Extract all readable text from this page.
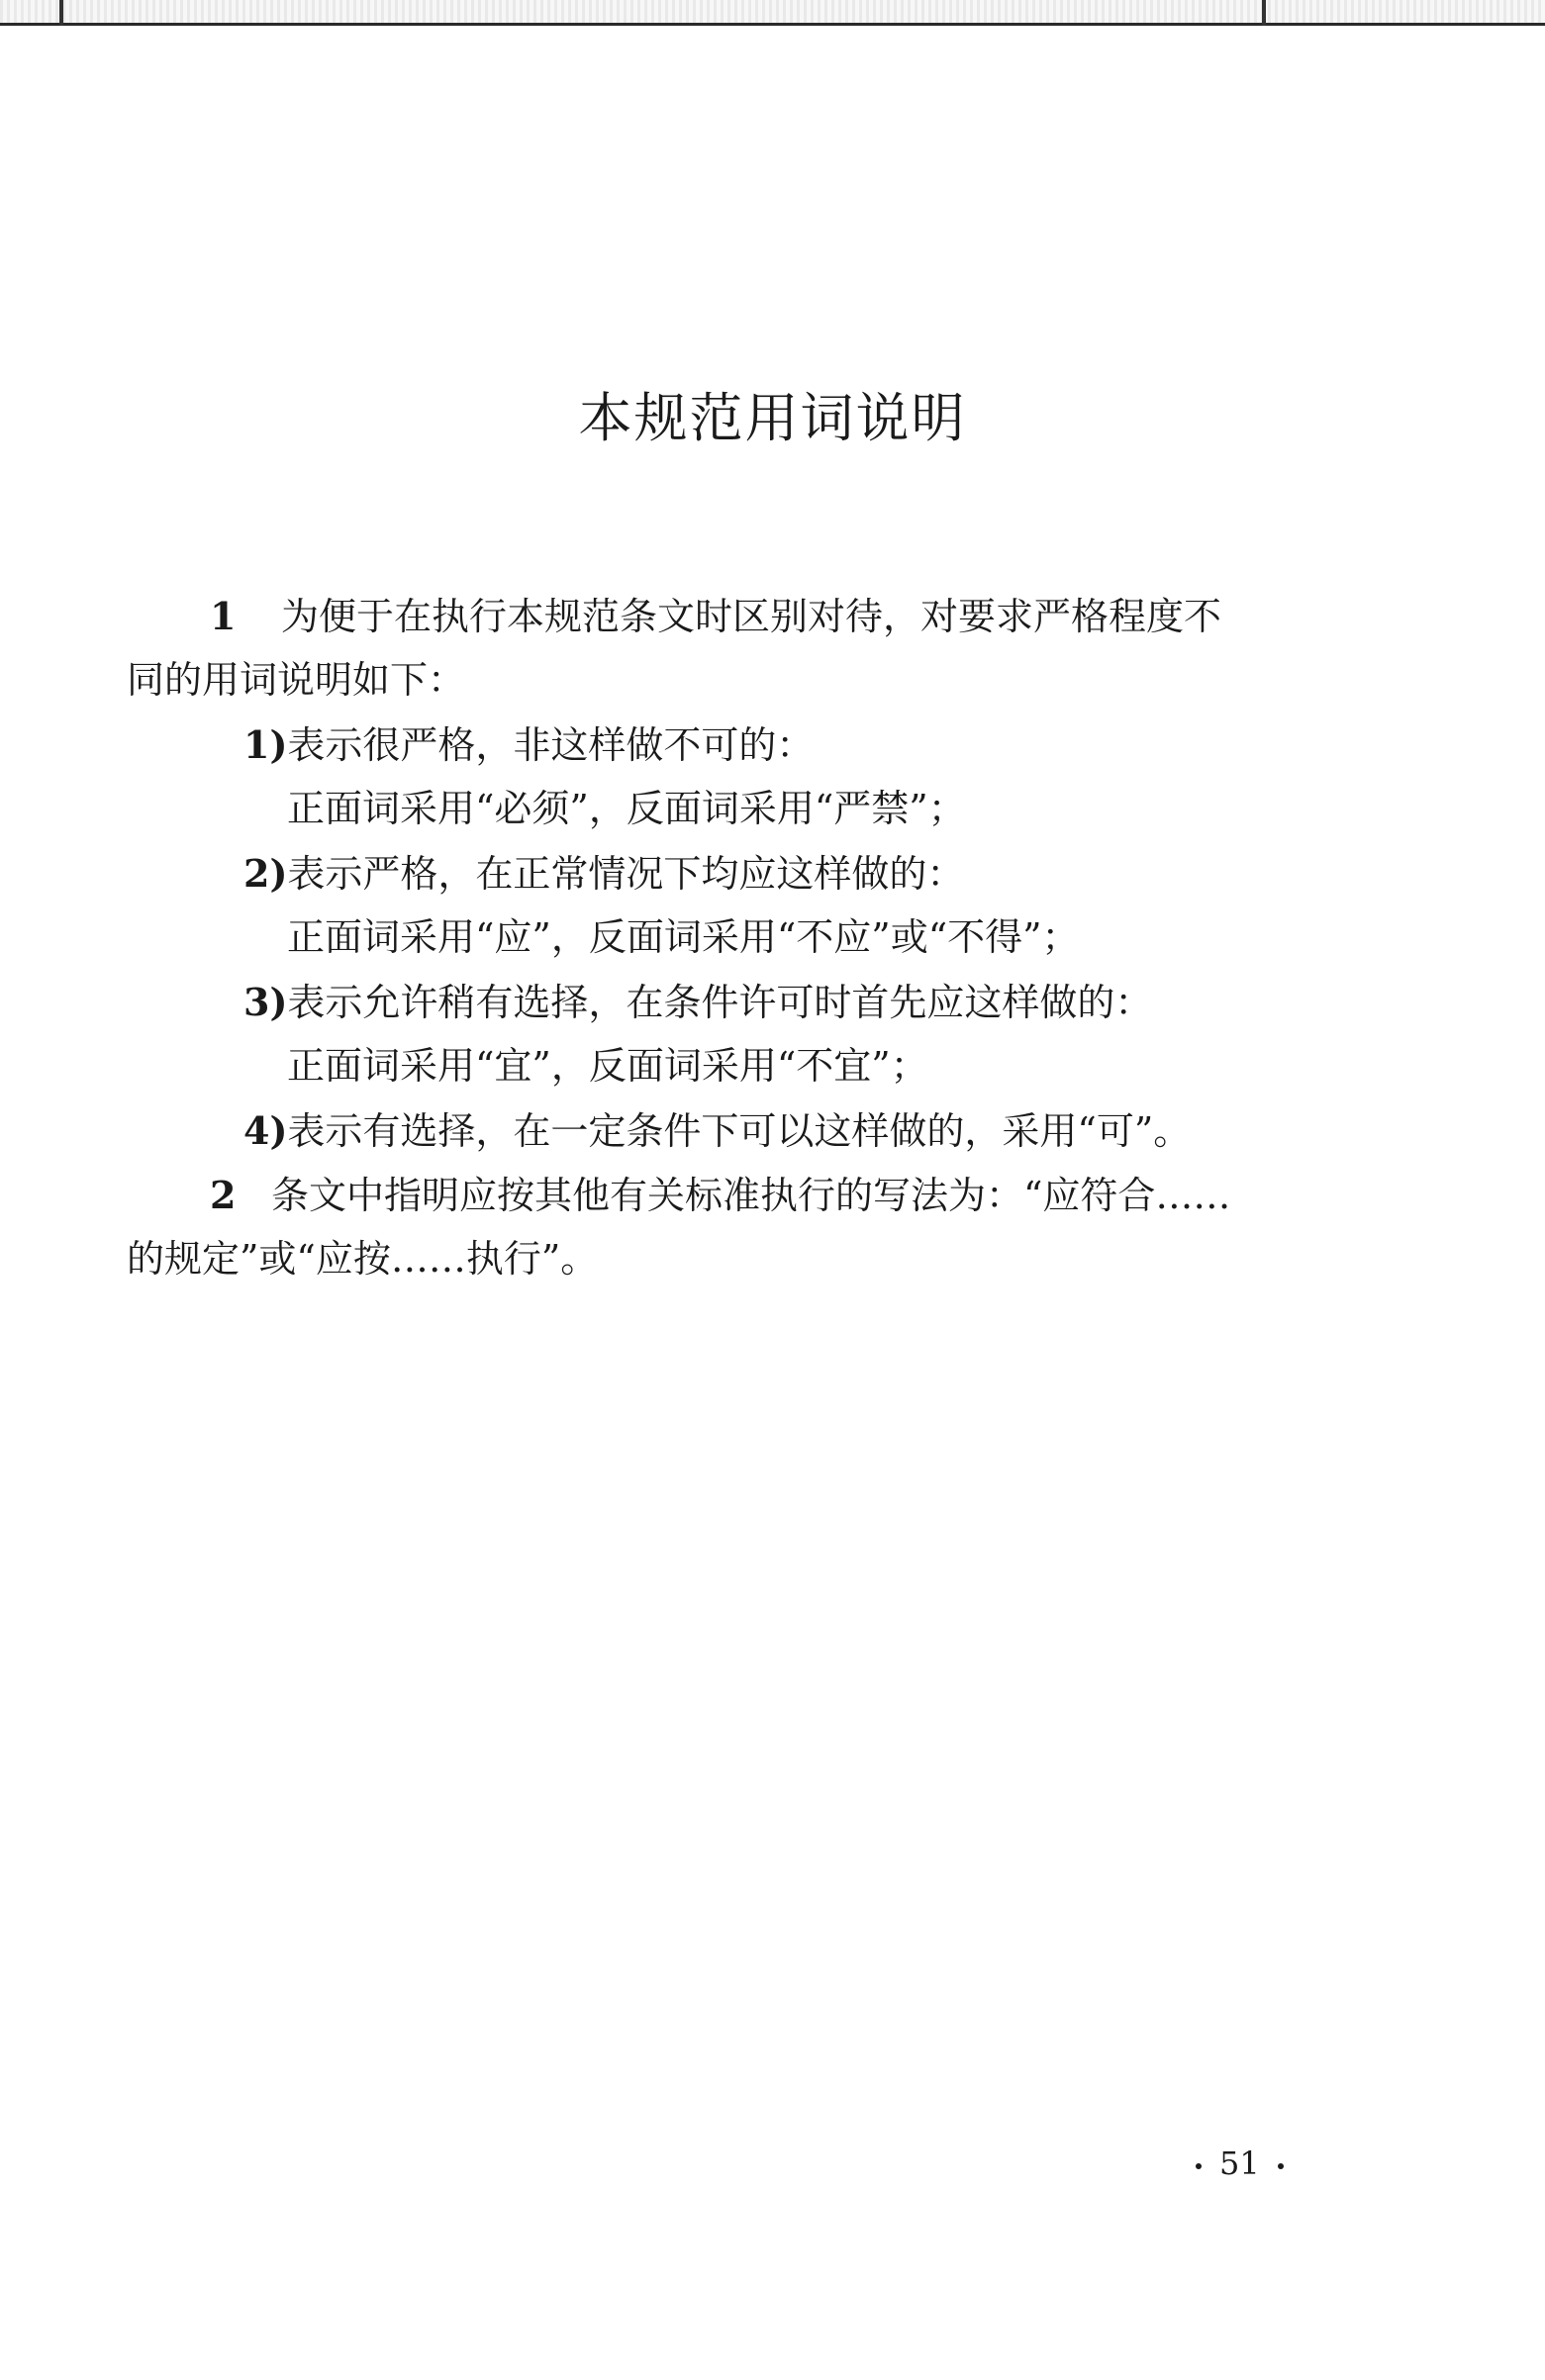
本规范用词说明
1 为便于在执行本规范条文时区别对待，对要求严格程度不
同的用词说明如下：
1)表示很严格，非这样做不可的：
正面词采用“必须”，反面词采用“严禁”；
2)表示严格，在正常情况下均应这样做的：
正面词采用“应”，反面词采用“不应”或“不得”；
3)表示允许稍有选择，在条件许可时首先应这样做的：
正面词采用“宜”，反面词采用“不宜”；
4)表示有选择，在一定条件下可以这样做的，采用“可”。
2 条文中指明应按其他有关标准执行的写法为：“应符合……
的规定”或“应按……执行”。
51
